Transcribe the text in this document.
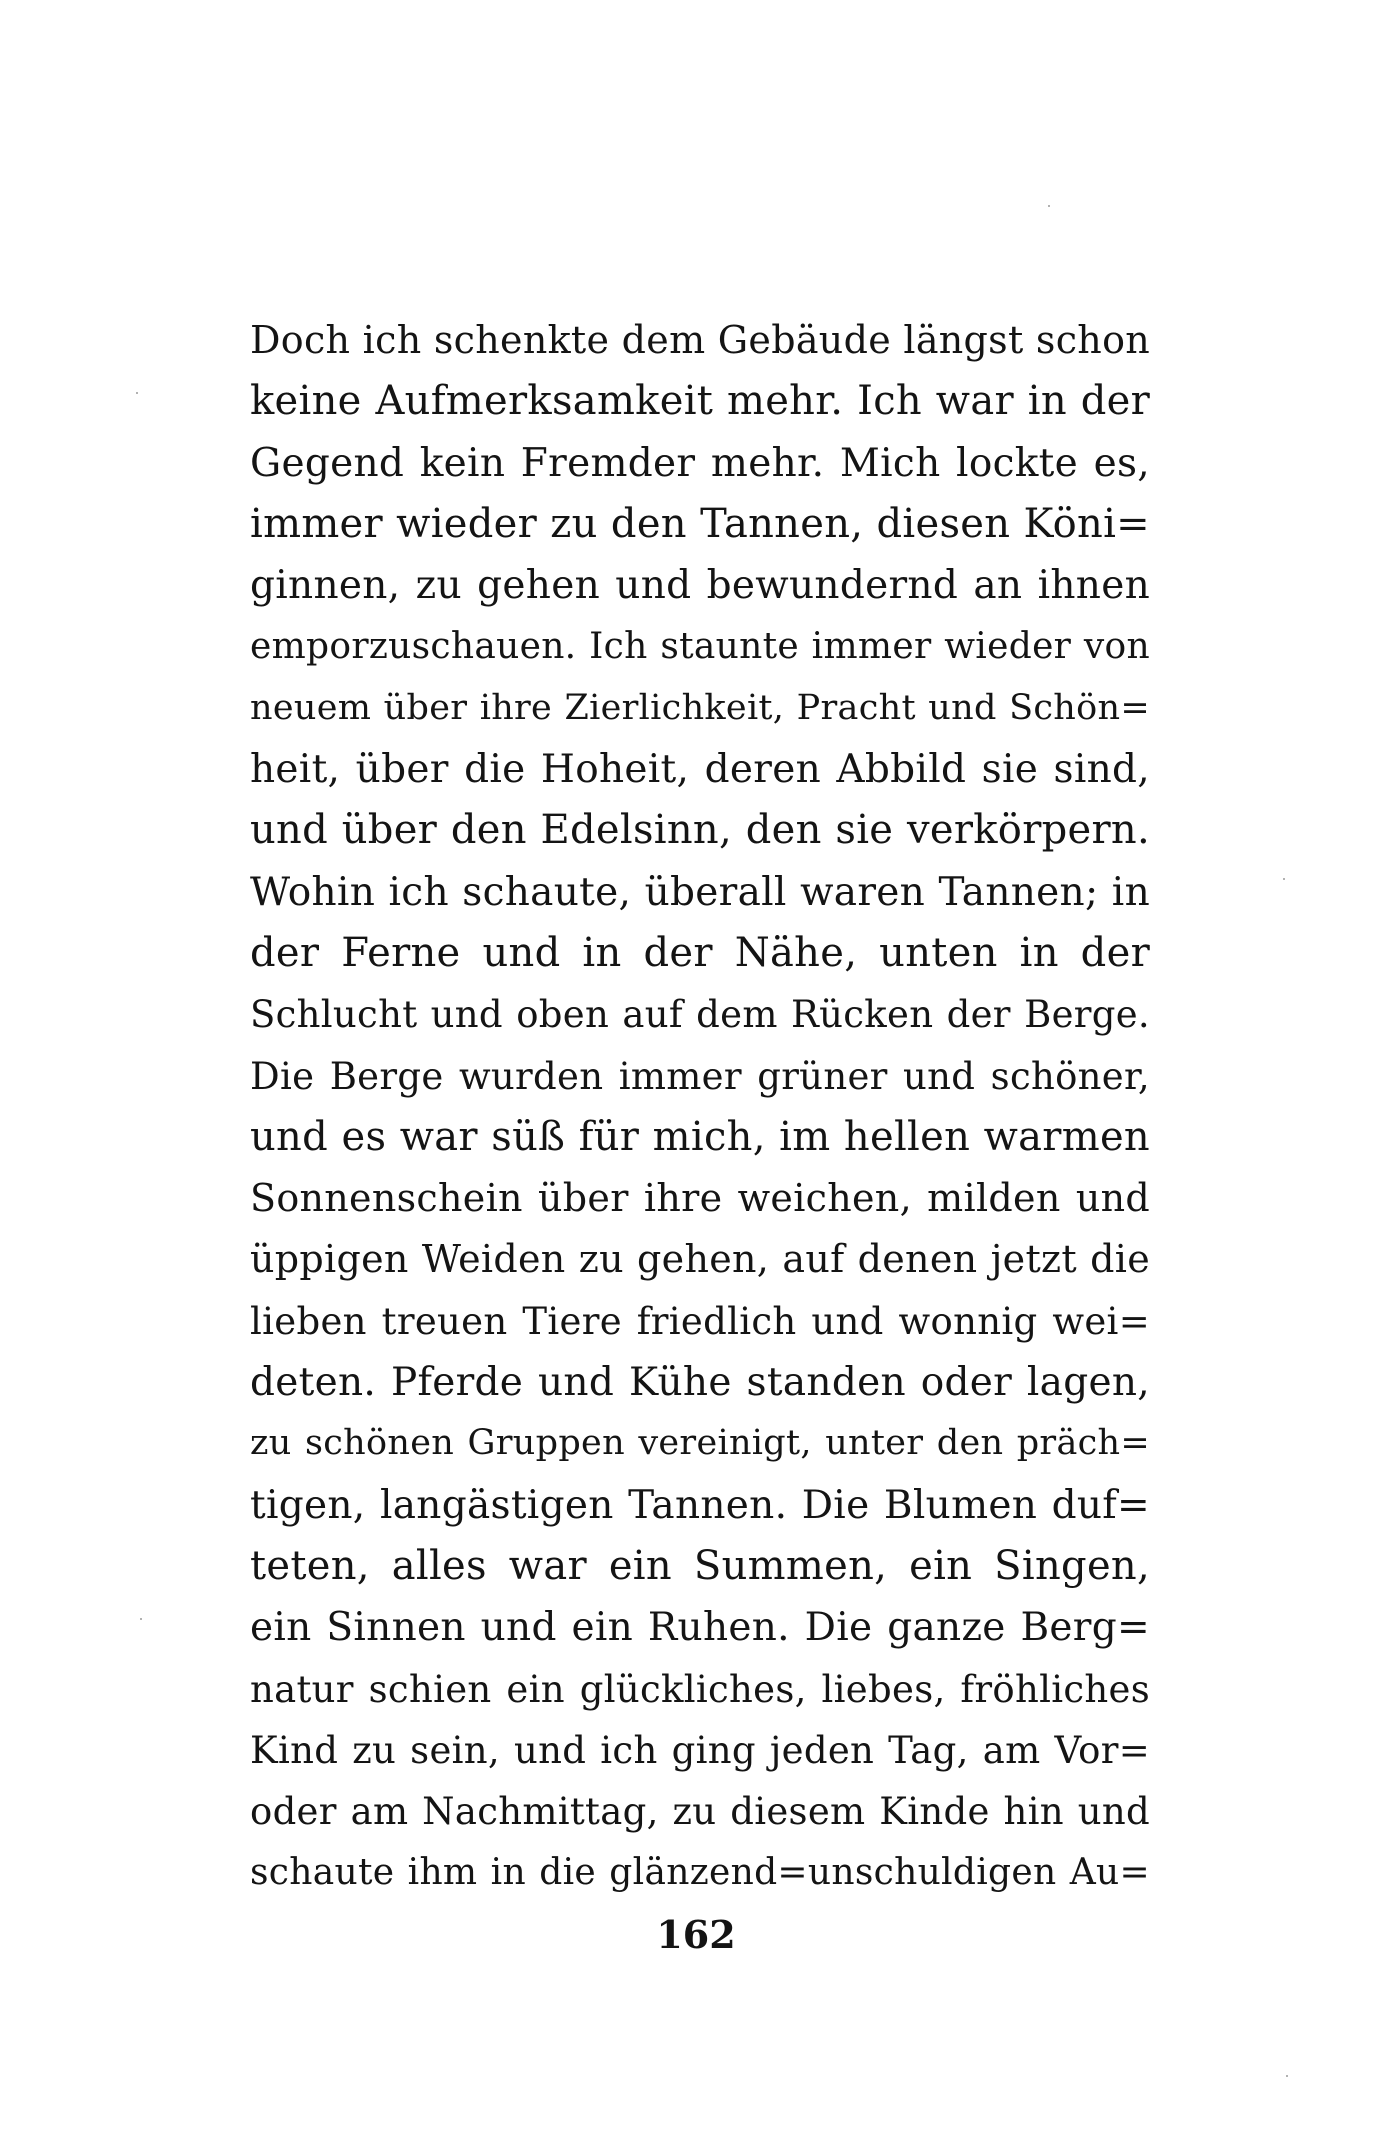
Doch ich schenkte dem Gebäude längst schon
keine Aufmerksamkeit mehr. Ich war in der
Gegend kein Fremder mehr. Mich lockte es,
immer wieder zu den Tannen, diesen Köni=
ginnen, zu gehen und bewundernd an ihnen
emporzuschauen. Ich staunte immer wieder von
neuem über ihre Zierlichkeit, Pracht und Schön=
heit, über die Hoheit, deren Abbild sie sind,
und über den Edelsinn, den sie verkörpern.
Wohin ich schaute, überall waren Tannen; in
der Ferne und in der Nähe, unten in der
Schlucht und oben auf dem Rücken der Berge.
Die Berge wurden immer grüner und schöner,
und es war süß für mich, im hellen warmen
Sonnenschein über ihre weichen, milden und
üppigen Weiden zu gehen, auf denen jetzt die
lieben treuen Tiere friedlich und wonnig wei=
deten. Pferde und Kühe standen oder lagen,
zu schönen Gruppen vereinigt, unter den präch=
tigen, langästigen Tannen. Die Blumen duf=
teten, alles war ein Summen, ein Singen,
ein Sinnen und ein Ruhen. Die ganze Berg=
natur schien ein glückliches, liebes, fröhliches
Kind zu sein, und ich ging jeden Tag, am Vor=
oder am Nachmittag, zu diesem Kinde hin und
schaute ihm in die glänzend=unschuldigen Au=
162
